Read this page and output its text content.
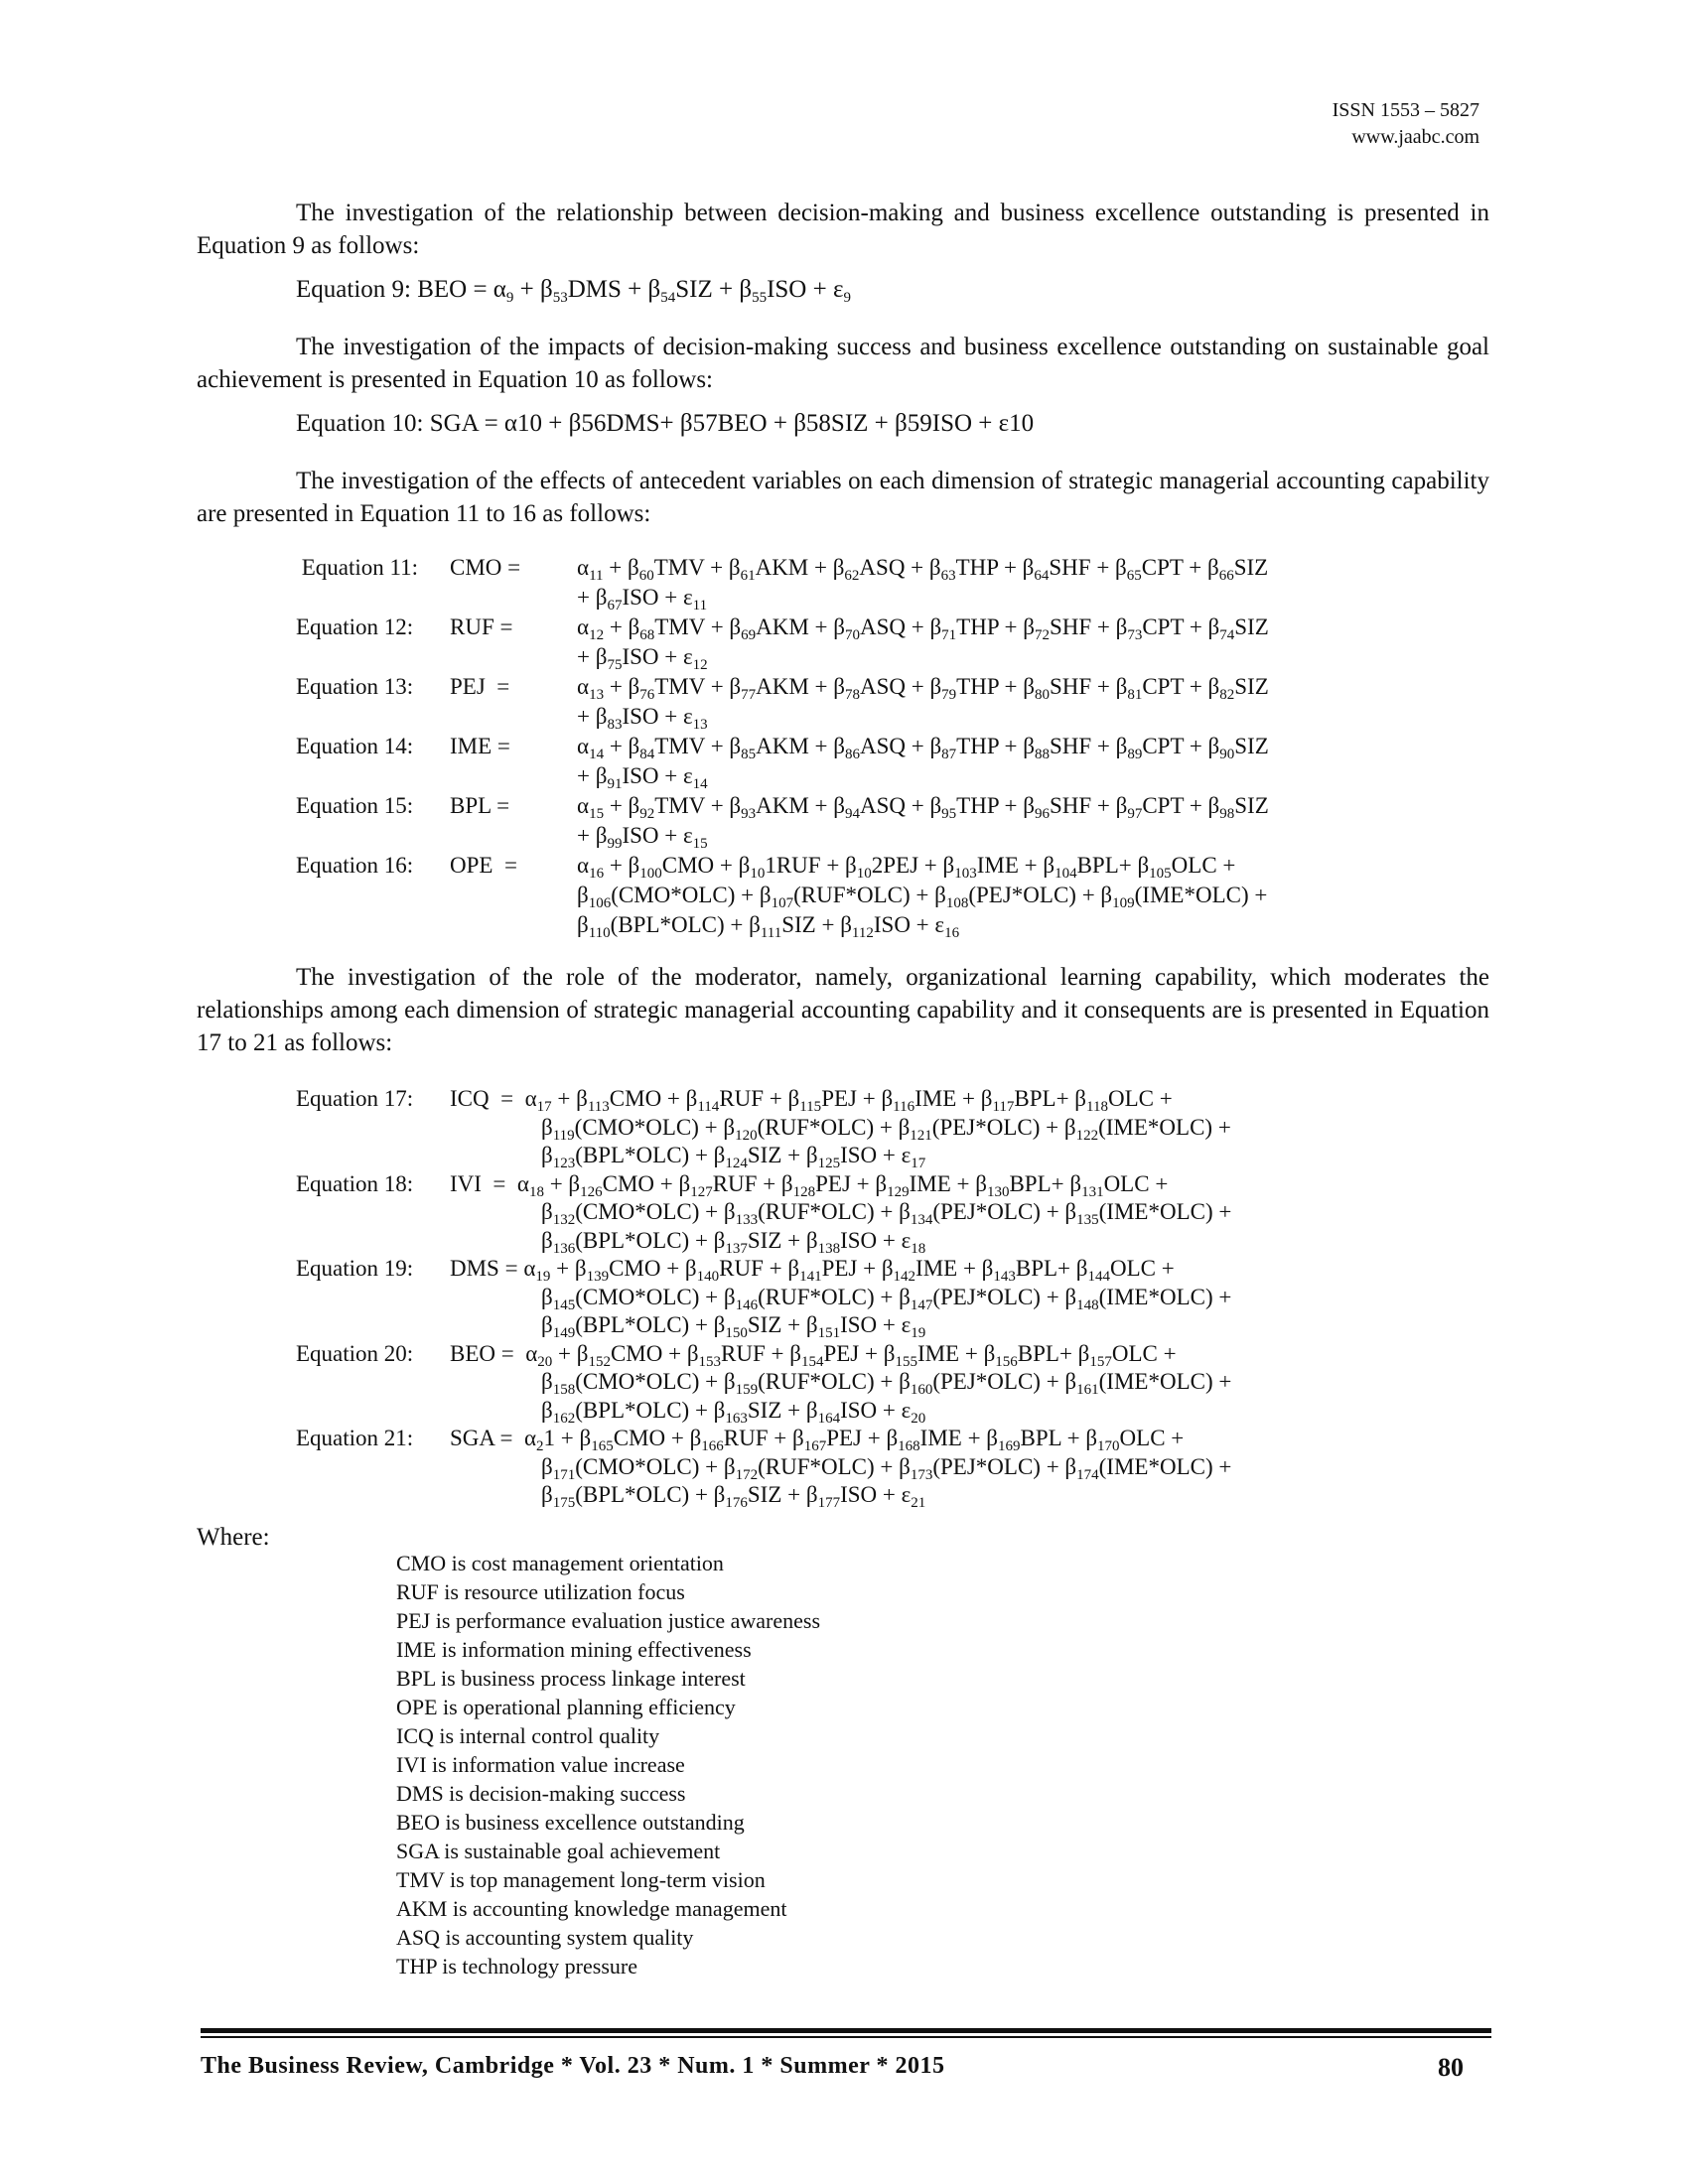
ISSN 1553 – 5827
www.jaabc.com
The investigation of the relationship between decision-making and business excellence outstanding is presented in Equation 9 as follows:
Equation 9: BEO = $\alpha_9 + \beta_{53}DMS + \beta_{54}SIZ + \beta_{55}ISO + \varepsilon_9$
The investigation of the impacts of decision-making success and business excellence outstanding on sustainable goal achievement is presented in Equation 10 as follows:
Equation 10: SGA = α10 + β56DMS+ β57BEO + β58SIZ + β59ISO + ε10
The investigation of the effects of antecedent variables on each dimension of strategic managerial accounting capability are presented in Equation 11 to 16 as follows:
Equation 11:	CMO =	$\alpha_{11} + \beta_{60}TMV + \beta_{61}AKM + \beta_{62}ASQ + \beta_{63}THP + \beta_{64}SHF + \beta_{65}CPT + \beta_{66}SIZ$
+ $\beta_{67}ISO + \varepsilon_{11}$
Equation 12:	RUF =	$\alpha_{12} + \beta_{68}TMV + \beta_{69}AKM + \beta_{70}ASQ + \beta_{71}THP + \beta_{72}SHF + \beta_{73}CPT + \beta_{74}SIZ$
+ $\beta_{75}ISO + \varepsilon_{12}$
Equation 13:	PEJ  =	$\alpha_{13} + \beta_{76}TMV + \beta_{77}AKM + \beta_{78}ASQ + \beta_{79}THP + \beta_{80}SHF + \beta_{81}CPT + \beta_{82}SIZ$
+ $\beta_{83}ISO + \varepsilon_{13}$
Equation 14:	IME =	$\alpha_{14} + \beta_{84}TMV + \beta_{85}AKM + \beta_{86}ASQ + \beta_{87}THP + \beta_{88}SHF + \beta_{89}CPT + \beta_{90}SIZ$
+ $\beta_{91}ISO + \varepsilon_{14}$
Equation 15:	BPL =	$\alpha_{15} + \beta_{92}TMV + \beta_{93}AKM + \beta_{94}ASQ + \beta_{95}THP + \beta_{96}SHF + \beta_{97}CPT + \beta_{98}SIZ$
+ $\beta_{99}ISO + \varepsilon_{15}$
Equation 16:	OPE  =	$\alpha_{16} + \beta_{100}CMO + \beta_{10}1RUF + \beta_{10}2PEJ + \beta_{103}IME + \beta_{104}BPL+ \beta_{105}OLC$ +
$\beta_{106}(CMO*OLC) + \beta_{107}(RUF*OLC) + \beta_{108}(PEJ*OLC) + \beta_{109}(IME*OLC)$ +
$\beta_{110}(BPL*OLC) + \beta_{111}SIZ + \beta_{112}ISO + \varepsilon_{16}$
The investigation of the role of the moderator, namely, organizational learning capability, which moderates the relationships among each dimension of strategic managerial accounting capability and it consequents are is presented in Equation 17 to 21 as follows:
Equation 17:	ICQ  =  $\alpha_{17} + \beta_{113}CMO + \beta_{114}RUF + \beta_{115}PEJ + \beta_{116}IME + \beta_{117}BPL+ \beta_{118}OLC$ +
$\beta_{119}(CMO*OLC) + \beta_{120}(RUF*OLC) + \beta_{121}(PEJ*OLC) + \beta_{122}(IME*OLC)$ +
$\beta_{123}(BPL*OLC) + \beta_{124}SIZ + \beta_{125}ISO + \varepsilon_{17}$
Equation 18:	IVI  =  $\alpha_{18} + \beta_{126}CMO + \beta_{127}RUF + \beta_{128}PEJ + \beta_{129}IME + \beta_{130}BPL+ \beta_{131}OLC$ +
$\beta_{132}(CMO*OLC) + \beta_{133}(RUF*OLC) + \beta_{134}(PEJ*OLC) + \beta_{135}(IME*OLC)$ +
$\beta_{136}(BPL*OLC) + \beta_{137}SIZ + \beta_{138}ISO + \varepsilon_{18}$
Equation 19:	DMS = $\alpha_{19} + \beta_{139}CMO + \beta_{140}RUF + \beta_{141}PEJ + \beta_{142}IME + \beta_{143}BPL+ \beta_{144}OLC$ +
$\beta_{145}(CMO*OLC) + \beta_{146}(RUF*OLC) + \beta_{147}(PEJ*OLC) + \beta_{148}(IME*OLC)$ +
$\beta_{149}(BPL*OLC) + \beta_{150}SIZ + \beta_{151}ISO + \varepsilon_{19}$
Equation 20:	BEO =  $\alpha_{20} + \beta_{152}CMO + \beta_{153}RUF + \beta_{154}PEJ + \beta_{155}IME + \beta_{156}BPL+ \beta_{157}OLC$ +
$\beta_{158}(CMO*OLC) + \beta_{159}(RUF*OLC) + \beta_{160}(PEJ*OLC) + \beta_{161}(IME*OLC)$ +
$\beta_{162}(BPL*OLC) + \beta_{163}SIZ + \beta_{164}ISO + \varepsilon_{20}$
Equation 21:	SGA =  $\alpha_21 + \beta_{165}CMO + \beta_{166}RUF + \beta_{167}PEJ + \beta_{168}IME + \beta_{169}BPL + \beta_{170}OLC$ +
$\beta_{171}(CMO*OLC) + \beta_{172}(RUF*OLC) + \beta_{173}(PEJ*OLC) + \beta_{174}(IME*OLC)$ +
$\beta_{175}(BPL*OLC) + \beta_{176}SIZ + \beta_{177}ISO + \varepsilon_{21}$
Where:
CMO is cost management orientation
RUF is resource utilization focus
PEJ is performance evaluation justice awareness
IME is information mining effectiveness
BPL is business process linkage interest
OPE is operational planning efficiency
ICQ is internal control quality
IVI is information value increase
DMS is decision-making success
BEO is business excellence outstanding
SGA is sustainable goal achievement
TMV is top management long-term vision
AKM is accounting knowledge management
ASQ is accounting system quality
THP is technology pressure
The Business Review, Cambridge * Vol. 23 * Num. 1 * Summer * 2015	80
